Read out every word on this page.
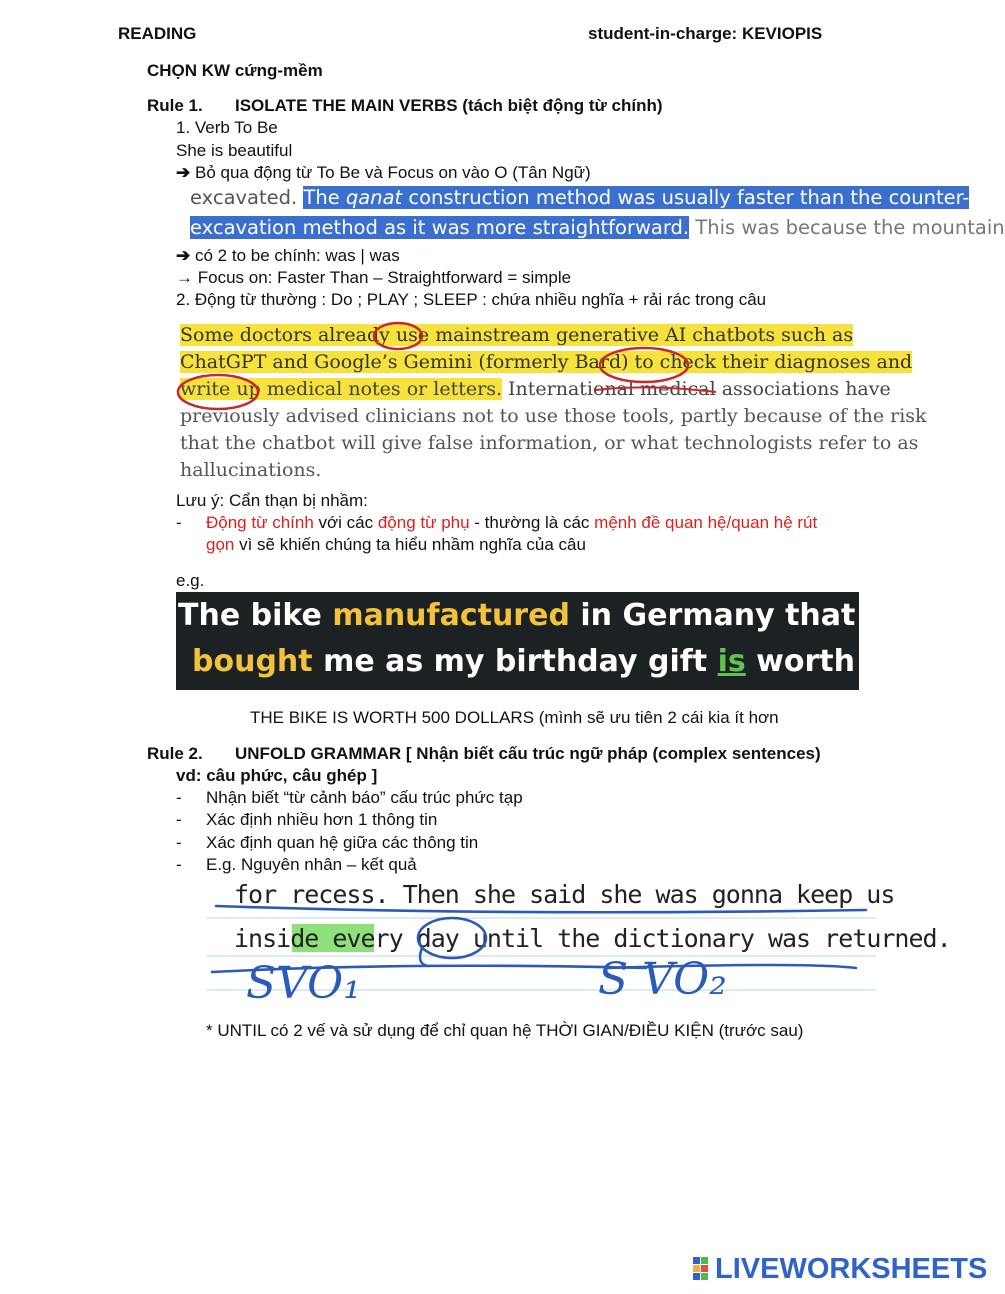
READING	student-in-charge: KEVIOPIS
CHỌN KW cứng-mềm
Rule 1. ISOLATE THE MAIN VERBS (tách biệt động từ chính)
1. Verb To Be
She is beautiful
➔ Bỏ qua động từ To Be và Focus on vào O (Tân Ngữ)
excavated. The qanat construction method was usually faster than the counter-
excavation method as it was more straightforward. This was because the mountain
➔ có 2 to be chính: was | was
→ Focus on: Faster Than – Straightforward = simple
2. Động từ thường : Do ; PLAY ; SLEEP : chứa nhiều nghĩa + rải rác trong câu
Some doctors already use mainstream generative AI chatbots such as
ChatGPT and Google’s Gemini (formerly Bard) to check their diagnoses and
write up medical notes or letters. International medical associations have
previously advised clinicians not to use those tools, partly because of the risk
that the chatbot will give false information, or what technologists refer to as
hallucinations.
Lưu ý: Cẩn thạn bị nhầm:
- Động từ chính với các động từ phụ - thường là các mệnh đề quan hệ/quan hệ rút
gọn vì sẽ khiến chúng ta hiểu nhầm nghĩa của câu
e.g.
The bike manufactured in Germany that mom
bought me as my birthday gift is worth $500.
THE BIKE IS WORTH 500 DOLLARS (mình sẽ ưu tiên 2 cái kia ít hơn
Rule 2. UNFOLD GRAMMAR [ Nhận biết cấu trúc ngữ pháp (complex sentences)
vd: câu phức, câu ghép ]
- Nhận biết “từ cảnh báo” cấu trúc phức tạp
- Xác định nhiều hơn 1 thông tin
- Xác định quan hệ giữa các thông tin
- E.g. Nguyên nhân – kết quả
for recess. Then she said she was gonna keep us
inside every day until the dictionary was returned.
SVO₁	S VO₂
* UNTIL có 2 vế và sử dụng để chỉ quan hệ THỜI GIAN/ĐIỀU KIỆN (trước sau)
LIVEWORKSHEETS
